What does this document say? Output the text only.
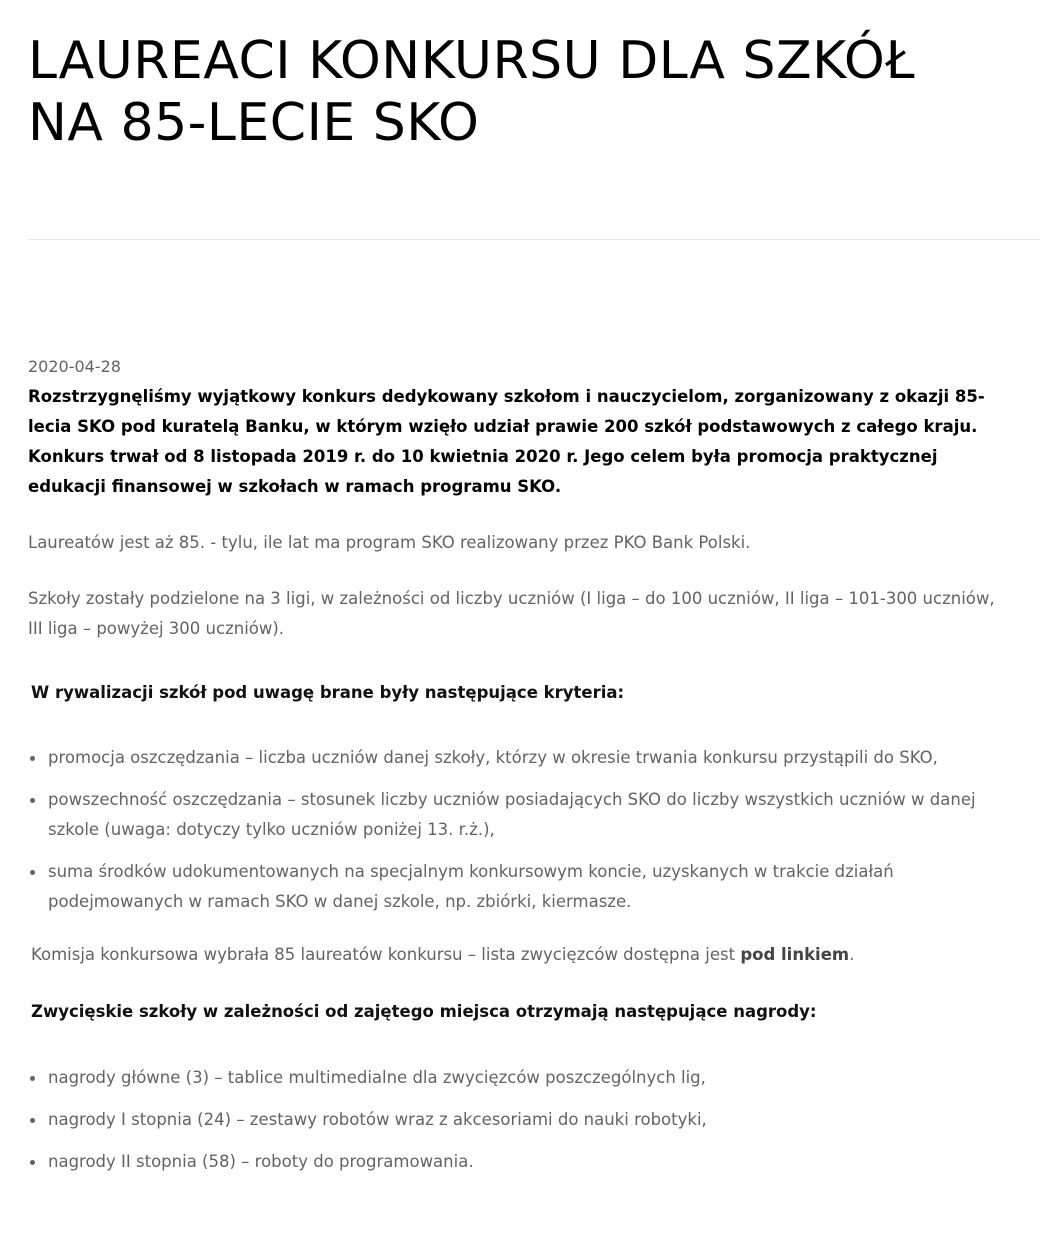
LAUREACI KONKURSU DLA SZKÓŁ
NA 85-LECIE SKO
2020-04-28

Rozstrzygnęliśmy wyjątkowy konkurs dedykowany szkołom i nauczycielom, zorganizowany z okazji 85-lecia SKO pod kuratelą Banku, w którym wzięło udział prawie 200 szkół podstawowych z całego kraju. Konkurs trwał od 8 listopada 2019 r. do 10 kwietnia 2020 r. Jego celem była promocja praktycznej edukacji finansowej w szkołach w ramach programu SKO.

Laureatów jest aż 85. - tylu, ile lat ma program SKO realizowany przez PKO Bank Polski.

Szkoły zostały podzielone na 3 ligi, w zależności od liczby uczniów (I liga – do 100 uczniów, II liga – 101-300 uczniów, III liga – powyżej 300 uczniów).

W rywalizacji szkół pod uwagę brane były następujące kryteria:
promocja oszczędzania – liczba uczniów danej szkoły, którzy w okresie trwania konkursu przystąpili do SKO,
powszechność oszczędzania – stosunek liczby uczniów posiadających SKO do liczby wszystkich uczniów w danej szkole (uwaga: dotyczy tylko uczniów poniżej 13. r.ż.),
suma środków udokumentowanych na specjalnym konkursowym koncie, uzyskanych w trakcie działań podejmowanych w ramach SKO w danej szkole, np. zbiórki, kiermasze.

Komisja konkursowa wybrała 85 laureatów konkursu – lista zwycięzców dostępna jest pod linkiem.

Zwycięskie szkoły w zależności od zajętego miejsca otrzymają następujące nagrody:
nagrody główne (3) – tablice multimedialne dla zwycięzców poszczególnych lig,
nagrody I stopnia (24) – zestawy robotów wraz z akcesoriami do nauki robotyki,
nagrody II stopnia (58) – roboty do programowania.
